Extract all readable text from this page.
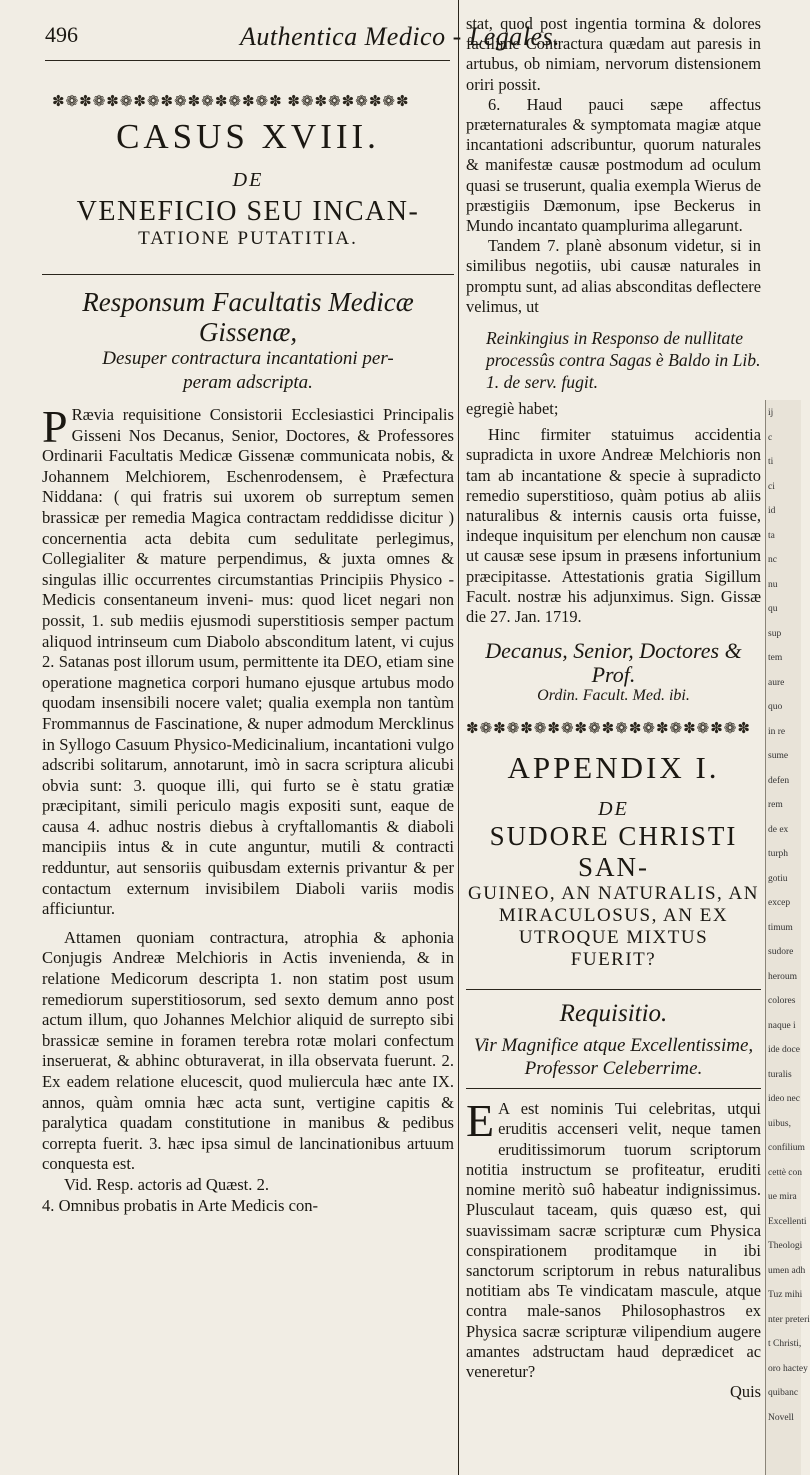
496	Authentica Medico - Legales.
✽❁✽❁✽❁✽❁✽❁✽❁✽❁✽❁✽ ✽❁✽❁✽❁✽❁✽
CASUS XVIII.
DE
VENEFICIO SEU INCAN-
TATIONE PUTATITIA.
Responsum Facultatis Medicæ Gissenæ,
Desuper contractura incantationi per-
peram adscripta.

P Rævia requisitione Consistorii Ecclesiastici Principalis Gisseni Nos Decanus, Senior, Doctores, & Professores Ordinarii Facultatis Medicæ Gissenæ communicata nobis, & Johannem Melchiorem, Eschenrodensem, è Præfectura Niddana: ( qui fratris sui uxorem ob surreptum semen brassicæ per remedia Magica contractam reddidisse dicitur ) concernentia acta debita cum sedulitate perlegimus, Collegialiter & mature perpendimus, & juxta omnes & singulas illic occurrentes circumstantias Principiis Physico - Medicis consentaneum inveni- mus: quod licet negari non possit, 1. sub mediis ejusmodi superstitiosis semper pactum aliquod intrinseum cum Diabolo absconditum latent, vi cujus 2. Satanas post illorum usum, permittente ita DEO, etiam sine operatione magnetica corpori humano ejusque artubus modo quodam insensibili nocere valet; qualia exempla non tantùm Frommannus de Fascinatione, & nuper admodum Mercklinus in Syllogo Casuum Physico-Medicinalium, incantationi vulgo adscribi solitarum, annotarunt, imò in sacra scriptura alicubi obvia sunt: 3. quoque illi, qui furto se è statu gratiæ præcipitant, simili periculo magis expositi sunt, eaque de causa 4. adhuc nostris diebus à cryftallomantis & diaboli mancipiis intus & in cute anguntur, mutili & contracti redduntur, aut sensoriis quibusdam externis privantur & per contactum externum invisibilem Diaboli variis modis afficiuntur.

Attamen quoniam contractura, atrophia & aphonia Conjugis Andreæ Melchioris in Actis invenienda, & in relatione Medicorum descripta 1. non statim post usum remediorum superstitiosorum, sed sexto demum anno post actum illum, quo Johannes Melchior aliquid de surrepto sibi brassicæ semine in foramen terebra rotæ molari confectum inseruerat, & abhinc obturaverat, in illa observata fuerunt. 2. Ex eadem relatione elucescit, quod muliercula hæc ante IX. annos, quàm omnia hæc acta sunt, vertigine capitis & paralytica quadam constitutione in manibus & pedibus correpta fuerit. 3. hæc ipsa simul de lancinationibus artuum conquesta est.

Vid. Resp. actoris ad Quæst. 2.

4. Omnibus probatis in Arte Medicis con-

stat, quod post ingentia tormina & dolores facilime Contractura quædam aut paresis in artubus, ob nimiam, nervorum distensionem oriri possit.

6. Haud pauci sæpe affectus præternaturales & symptomata magiæ atque incantationi adscribuntur, quorum naturales & manifestæ causæ postmodum ad oculum quasi se truserunt, qualia exempla Wierus de præstigiis Dæmonum, ipse Beckerus in Mundo incantato quamplurima allegarunt.

Tandem 7. planè absonum videtur, si in similibus negotiis, ubi causæ naturales in promptu sunt, ad alias absconditas deflectere velimus, ut

Reinkingius in Responso de nullitate processûs contra Sagas è Baldo in Lib. 1. de serv. fugit.

egregiè habet;

Hinc firmiter statuimus accidentia supradicta in uxore Andreæ Melchioris non tam ab incantatione & specie à supradicto remedio superstitioso, quàm potius ab aliis naturalibus & internis causis orta fuisse, indeque inquisitum per elenchum non causæ ut causæ sese ipsum in præsens infortunium præcipitasse. Attestationis gratia Sigillum Facult. nostræ his adjunximus. Sign. Gissæ die 27. Jan. 1719.

Decanus, Senior, Doctores & Prof.
Ordin. Facult. Med. ibi.
✽❁✽❁✽❁✽❁✽❁✽❁✽❁✽❁✽❁✽❁✽
APPENDIX I.
DE
SUDORE CHRISTI SAN-
GUINEO, AN NATURALIS, AN
MIRACULOSUS, AN EX
UTROQUE MIXTUS
FUERIT?
Requisitio.
Vir Magnifice atque Excellentissime, Professor Celeberrime.

E A est nominis Tui celebritas, utqui eruditis accenseri velit, neque tamen eruditissimorum tuorum scriptorum notitia instructum se profiteatur, eruditi nomine meritò suô habeatur indignissimus. Plusculaut taceam, quis quæso est, qui suavissimam sacræ scripturæ cum Physica conspirationem proditamque in ibi sanctorum scriptorum in rebus naturalibus notitiam abs Te vindicatam mascule, atque contra male-sanos Philosophastros ex Physica sacræ scripturæ vilipendium augere amantes adstructam haud deprædicet ac veneretur?

Quis

ij
c
ti
ci
id
ta
nc
nu
qu
sup
tem
aure
quo
in re
sume
defen
rem
de ex
turph
gotiu
excep
timum
sudore
heroum
colores
naque i
ide doce
turalis
ideo nec
uibus,
confilium
cettè con
ue mira
Excellenti
Theologi
umen adh
Tuz mihi
nter preteri
t Christi,
oro hactey
quibanc
Novell
